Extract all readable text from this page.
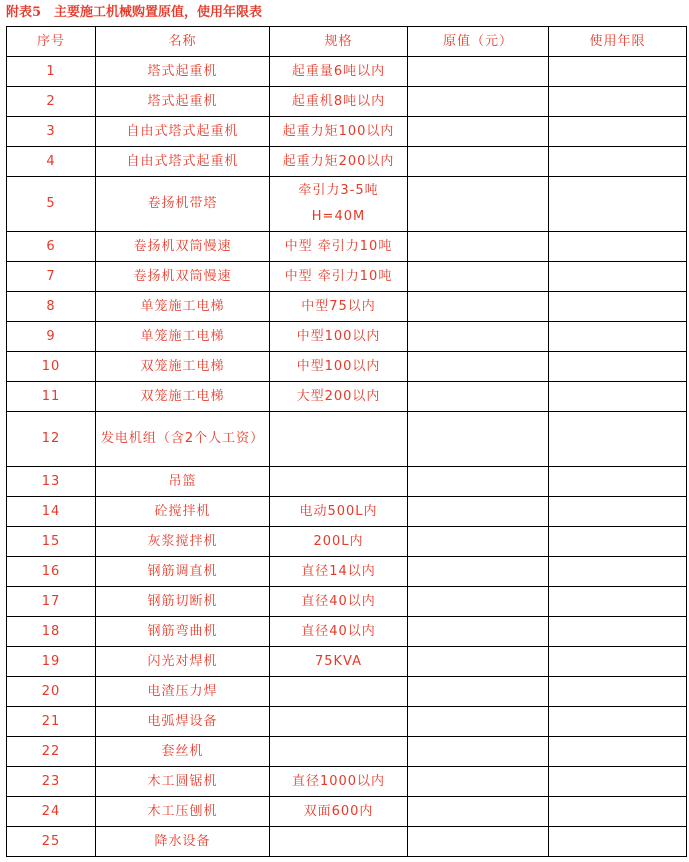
附表5　主要施工机械购置原值，使用年限表
序号	名称	规格	原值（元）	使用年限
1	塔式起重机	起重量6吨以内		
2	塔式起重机	起重机8吨以内		
3	自由式塔式起重机	起重力矩100以内		
4	自由式塔式起重机	起重力矩200以内		
5	卷扬机带塔	牵引力3-5吨 H=40M		
6	卷扬机双筒慢速	中型 牵引力10吨		
7	卷扬机双筒慢速	中型 牵引力10吨		
8	单笼施工电梯	中型75以内		
9	单笼施工电梯	中型100以内		
10	双笼施工电梯	中型100以内		
11	双笼施工电梯	大型200以内		
12	发电机组（含2个人工资）			
13	吊篮			
14	砼搅拌机	电动500L内		
15	灰浆搅拌机	200L内		
16	钢筋调直机	直径14以内		
17	钢筋切断机	直径40以内		
18	钢筋弯曲机	直径40以内		
19	闪光对焊机	75KVA		
20	电渣压力焊			
21	电弧焊设备			
22	套丝机			
23	木工圆锯机	直径1000以内		
24	木工压刨机	双面600内		
25	降水设备			
